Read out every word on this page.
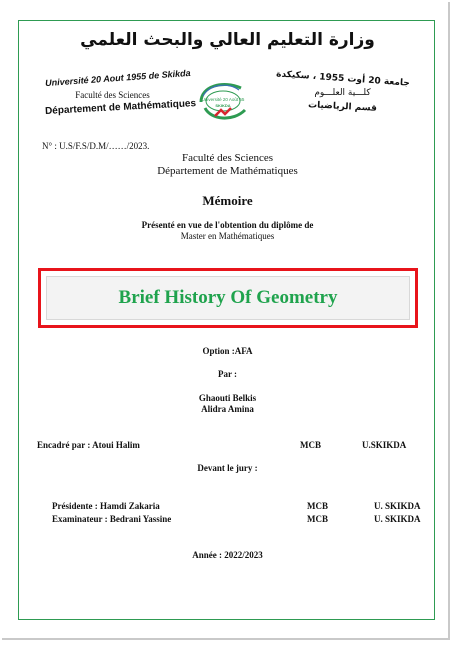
وزارة التعليم العالي والبحث العلمي
Université 20 Aout 1955 de Skikda
Faculté des Sciences
Département de Mathématiques Université 20 Août 55
SKIKDA
جامعة 20 أوت 1955 ، سكيكدة
كلـــية العلـــوم
قسم الرياضيات
N° : U.S/F.S/D.M/……/2023.
Faculté des Sciences
Département de Mathématiques
Mémoire
Présenté en vue de l'obtention du diplôme de
Master en Mathématiques
Brief History Of Geometry
Option :AFA
Par :
Ghaouti Belkis
Alidra Amina
Encadré par : Atoui Halim	MCB	U.SKIKDA
Devant le jury :
Présidente : Hamdi Zakaria	MCB	U. SKIKDA
Examinateur : Bedrani Yassine	MCB	U. SKIKDA
Année : 2022/2023
